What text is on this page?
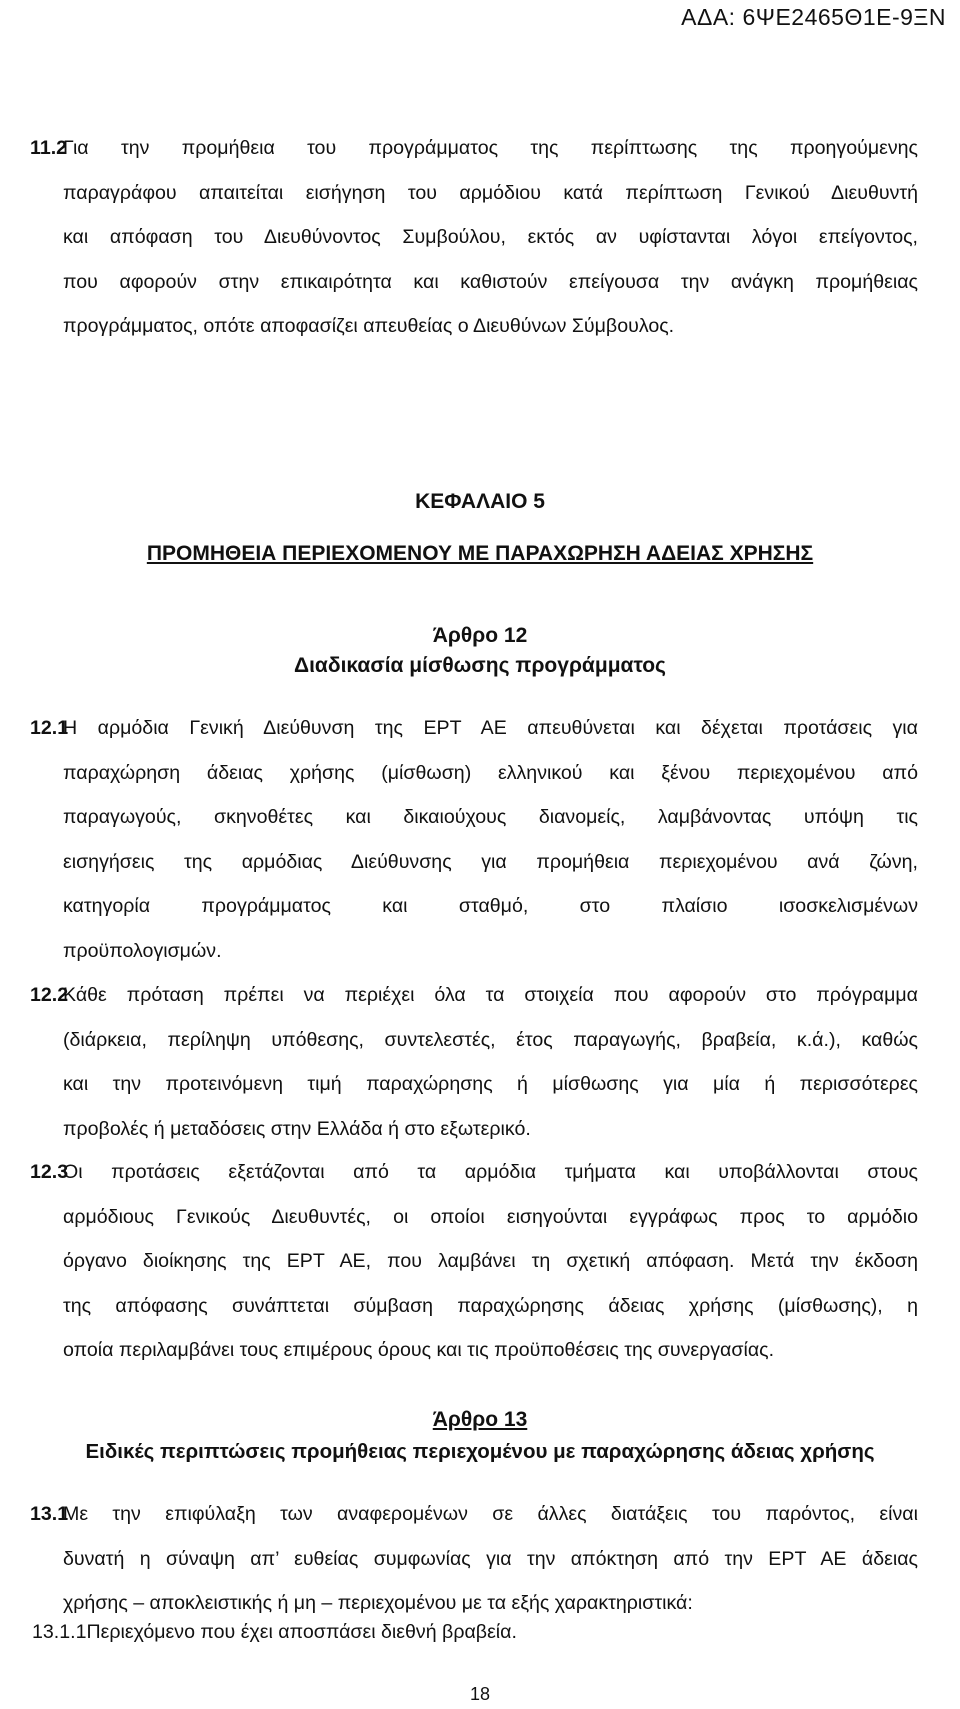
ΑΔΑ: 6ΨΕ2465Θ1Ε-9ΞΝ
11.2
Για την προμήθεια του προγράμματος της περίπτωσης της προηγούμενης
παραγράφου απαιτείται εισήγηση του αρμόδιου κατά περίπτωση Γενικού Διευθυντή
και απόφαση του Διευθύνοντος Συμβούλου, εκτός αν υφίστανται λόγοι επείγοντος,
που αφορούν στην επικαιρότητα και καθιστούν επείγουσα την ανάγκη προμήθειας
προγράμματος, οπότε αποφασίζει απευθείας ο Διευθύνων Σύμβουλος.
ΚΕΦΑΛΑΙΟ 5
ΠΡΟΜΗΘΕΙΑ ΠΕΡΙΕΧΟΜΕΝΟΥ ΜΕ ΠΑΡΑΧΩΡΗΣΗ ΑΔΕΙΑΣ ΧΡΗΣΗΣ
Άρθρο 12
Διαδικασία μίσθωσης προγράμματος
12.1
Η αρμόδια Γενική Διεύθυνση της ΕΡΤ ΑΕ απευθύνεται και δέχεται προτάσεις για
παραχώρηση άδειας χρήσης (μίσθωση) ελληνικού και ξένου περιεχομένου από
παραγωγούς, σκηνοθέτες και δικαιούχους διανομείς, λαμβάνοντας υπόψη τις
εισηγήσεις της αρμόδιας Διεύθυνσης για προμήθεια περιεχομένου ανά ζώνη,
κατηγορία προγράμματος και σταθμό, στο πλαίσιο ισοσκελισμένων
προϋπολογισμών.
12.2
Κάθε πρόταση πρέπει να περιέχει όλα τα στοιχεία που αφορούν στο πρόγραμμα
(διάρκεια, περίληψη υπόθεσης, συντελεστές, έτος παραγωγής, βραβεία, κ.ά.), καθώς
και την προτεινόμενη τιμή παραχώρησης ή μίσθωσης για μία ή περισσότερες
προβολές ή μεταδόσεις στην Ελλάδα ή στο εξωτερικό.
12.3
Οι προτάσεις εξετάζονται από τα αρμόδια τμήματα και υποβάλλονται στους
αρμόδιους Γενικούς Διευθυντές, οι οποίοι εισηγούνται εγγράφως προς το αρμόδιο
όργανο διοίκησης της ΕΡΤ ΑΕ, που λαμβάνει τη σχετική απόφαση. Μετά την έκδοση
της απόφασης συνάπτεται σύμβαση παραχώρησης άδειας χρήσης (μίσθωσης), η
οποία περιλαμβάνει τους επιμέρους όρους και τις προϋποθέσεις της συνεργασίας.
Άρθρο 13
Ειδικές περιπτώσεις προμήθειας περιεχομένου με παραχώρησης άδειας χρήσης
13.1
Με την επιφύλαξη των αναφερομένων σε άλλες διατάξεις του παρόντος, είναι
δυνατή η σύναψη απ’ ευθείας συμφωνίας για την απόκτηση από την ΕΡΤ ΑΕ άδειας
χρήσης – αποκλειστικής ή μη – περιεχομένου με τα εξής χαρακτηριστικά:
13.1.1Περιεχόμενο που έχει αποσπάσει διεθνή βραβεία.
18
